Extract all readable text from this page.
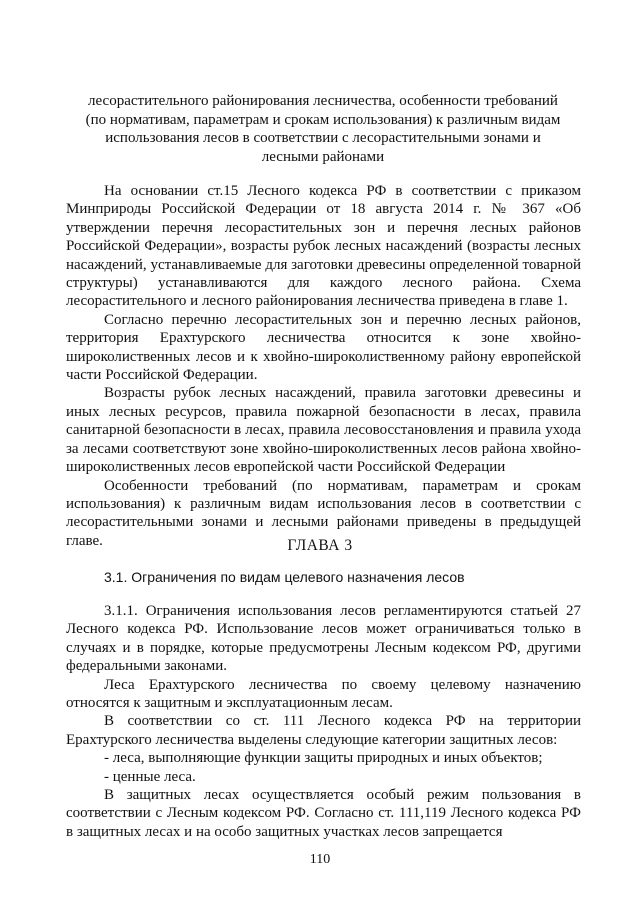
лесорастительного районирования лесничества, особенности требований (по нормативам, параметрам и срокам использования) к различным видам использования лесов в соответствии с лесорастительными зонами и лесными районами

На основании ст.15 Лесного кодекса РФ в соответствии с приказом Минприроды Российской Федерации от 18 августа 2014 г. № 367 «Об утверждении перечня лесорастительных зон и перечня лесных районов Российской Федерации», возрасты рубок лесных насаждений (возрасты лесных насаждений, устанавливаемые для заготовки древесины определенной товарной структуры) устанавливаются для каждого лесного района. Схема лесорастительного и лесного районирования лесничества приведена в главе 1.

Согласно перечню лесорастительных зон и перечню лесных районов, территория Ерахтурского лесничества относится к зоне хвойно-широколиственных лесов и к хвойно-широколиственному району европейской части Российской Федерации.

Возрасты рубок лесных насаждений, правила заготовки древесины и иных лесных ресурсов, правила пожарной безопасности в лесах, правила санитарной безопасности в лесах, правила лесовосстановления и правила ухода за лесами соответствуют зоне хвойно-широколиственных лесов района хвойно-широколиственных лесов европейской части Российской Федерации

Особенности требований (по нормативам, параметрам и срокам использования) к различным видам использования лесов в соответствии с лесорастительными зонами и лесными районами приведены в предыдущей главе.	ГЛАВА 3
3.1. Ограничения по видам целевого назначения лесов

3.1.1. Ограничения использования лесов регламентируются статьей 27 Лесного кодекса РФ. Использование лесов может ограничиваться только в случаях и в порядке, которые предусмотрены Лесным кодексом РФ, другими федеральными законами.

Леса Ерахтурского лесничества по своему целевому назначению относятся к защитным и эксплуатационным лесам.

В соответствии со ст. 111 Лесного кодекса РФ на территории Ерахтурского лесничества выделены следующие категории защитных лесов:

- леса, выполняющие функции защиты природных и иных объектов;

- ценные леса.

В защитных лесах осуществляется особый режим пользования в соответствии с Лесным кодексом РФ. Согласно ст. 111,119 Лесного кодекса РФ в защитных лесах и на особо защитных участках лесов запрещается

110
